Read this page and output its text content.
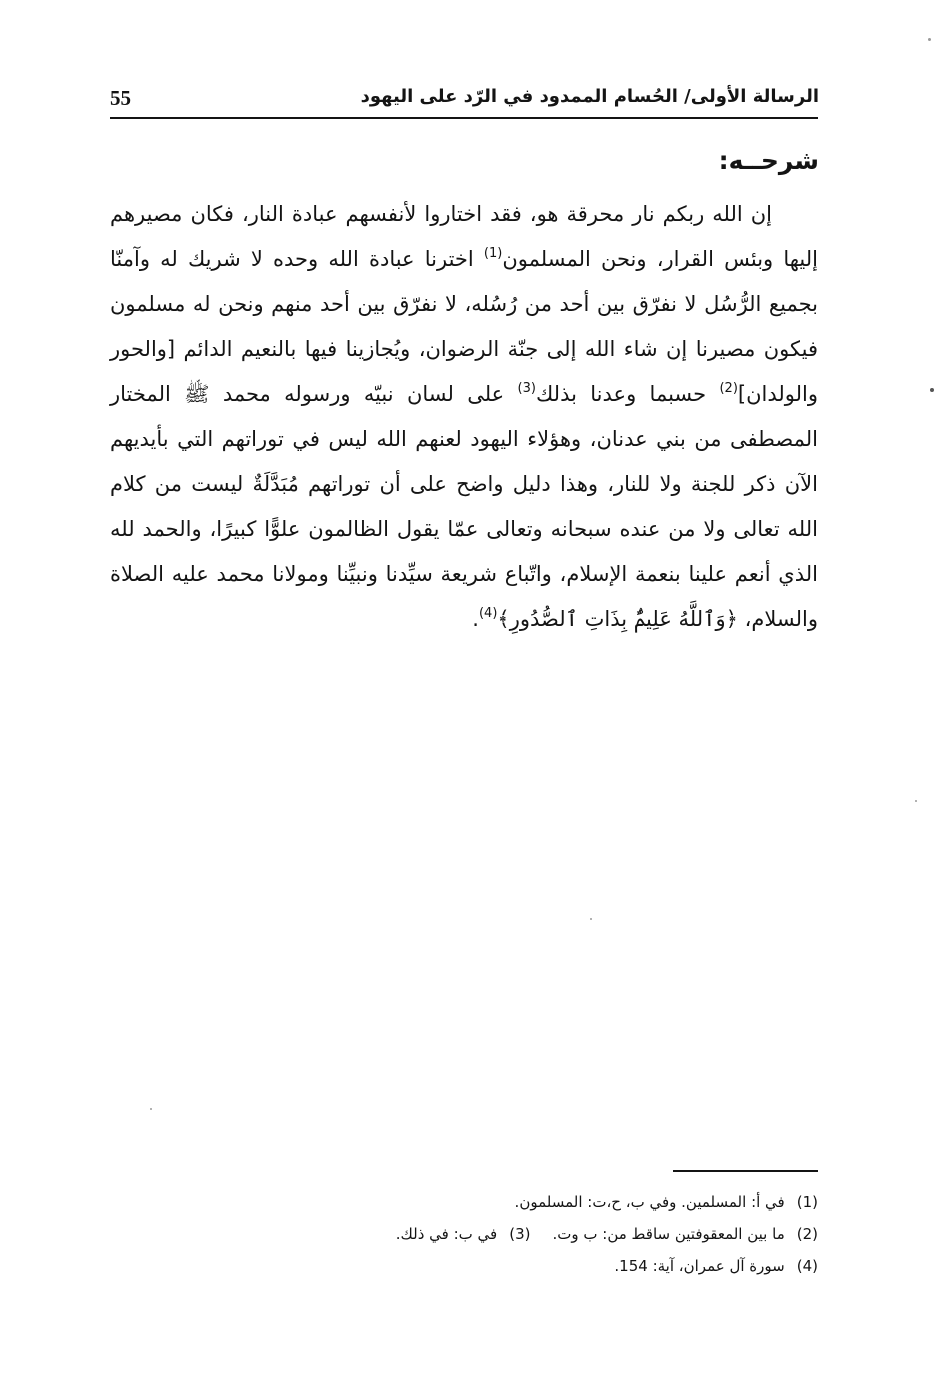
55	الرسالة الأولى/ الحُسام الممدود في الرّد على اليهود
شرحــه:

إن الله ربكم نار محرقة هو، فقد اختاروا لأنفسهم عبادة النار، فكان مصيرهم إليها وبئس القرار، ونحن المسلمون$^{(1)}$ اخترنا عبادة الله وحده لا شريك له وآمنّا بجميع الرُّسُل لا نفرّق بين أحد من رُسُله، لا نفرّق بين أحد منهم ونحن له مسلمون فيكون مصيرنا إن شاء الله إلى جنّة الرضوان، ويُجازينا فيها بالنعيم الدائم [والحور والولدان]$^{(2)}$ حسبما وعدنا بذلك$^{(3)}$ على لسان نبيّه ورسوله محمد ﷺ المختار المصطفى من بني عدنان، وهؤلاء اليهود لعنهم الله ليس في توراتهم التي بأيديهم الآن ذكر للجنة ولا للنار، وهذا دليل واضح على أن توراتهم مُبَدَّلَةٌ ليست من كلام الله تعالى ولا من عنده سبحانه وتعالى عمّا يقول الظالمون علوًّا كبيرًا، والحمد لله الذي أنعم علينا بنعمة الإسلام، واتّباع شريعة سيِّدنا ونبيِّنا ومولانا محمد عليه الصلاة والسلام، ﴿وَٱللَّهُ عَلِيمٌۢ بِذَاتِ ٱلصُّدُورِ﴾$^{(4)}$.

(1)في أ: المسلمين. وفي ب، ح،ت: المسلمون.
(2)ما بين المعقوفتين ساقط من: ب وت.(3)في ب: في ذلك.
(4)سورة آل عمران، آية: 154.
